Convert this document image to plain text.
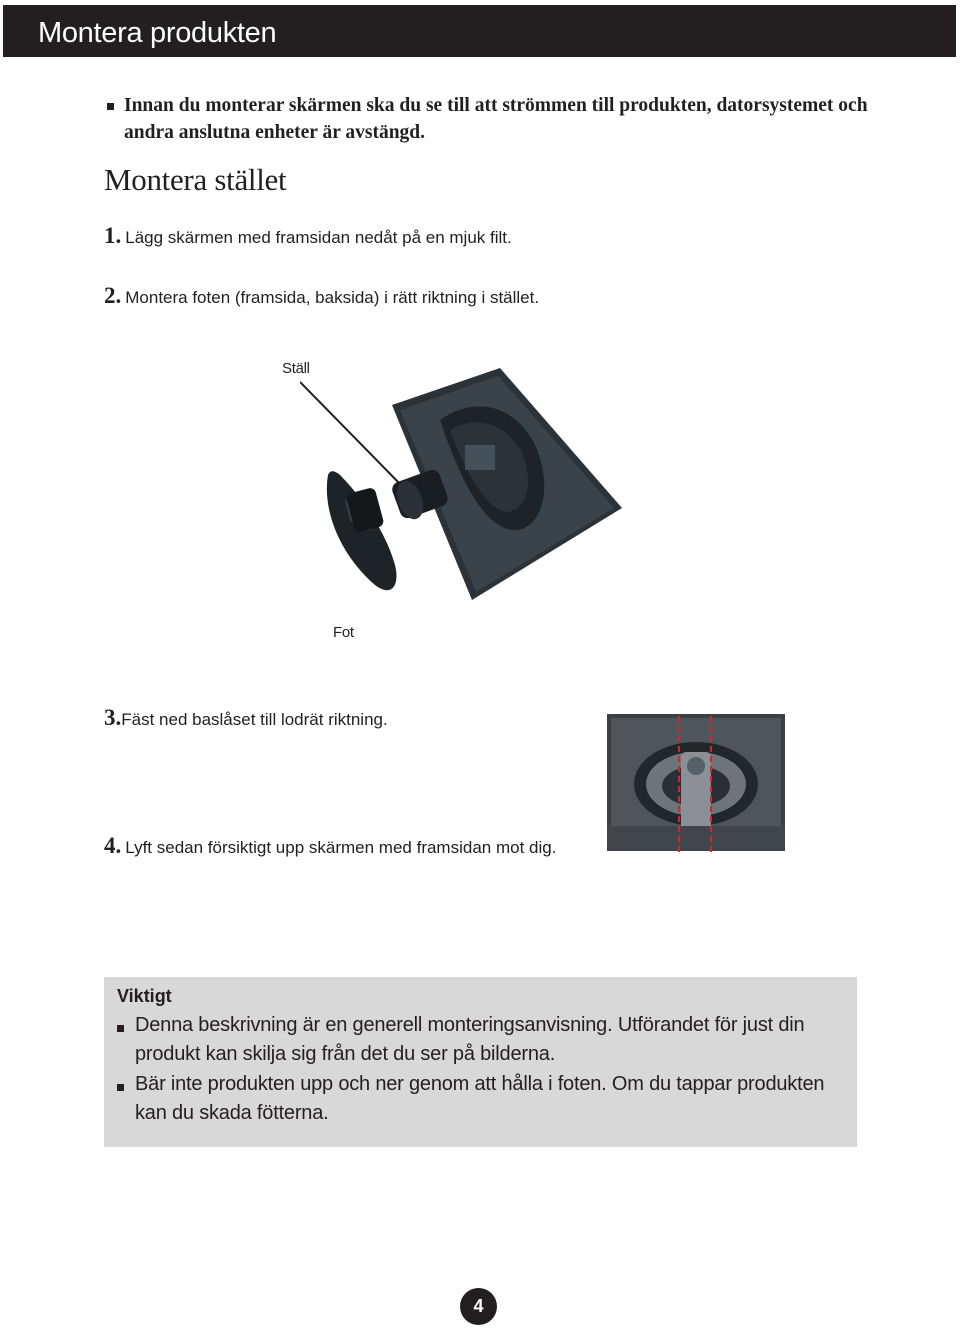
Montera produkten
Innan du monterar skärmen ska du se till att strömmen till produkten, datorsystemet och andra anslutna enheter är avstängd.
Montera stället
1. Lägg skärmen med framsidan nedåt på en mjuk filt.
2. Montera foten (framsida, baksida) i rätt riktning i stället.
Ställ
Fot
3.Fäst ned baslåset till lodrät riktning.
4. Lyft sedan försiktigt upp skärmen med framsidan mot dig.
Viktigt
Denna beskrivning är en generell monteringsanvisning. Utförandet för just din produkt kan skilja sig från det du ser på bilderna.
Bär inte produkten upp och ner genom att hålla i foten. Om du tappar produkten kan du skada fötterna.
4
